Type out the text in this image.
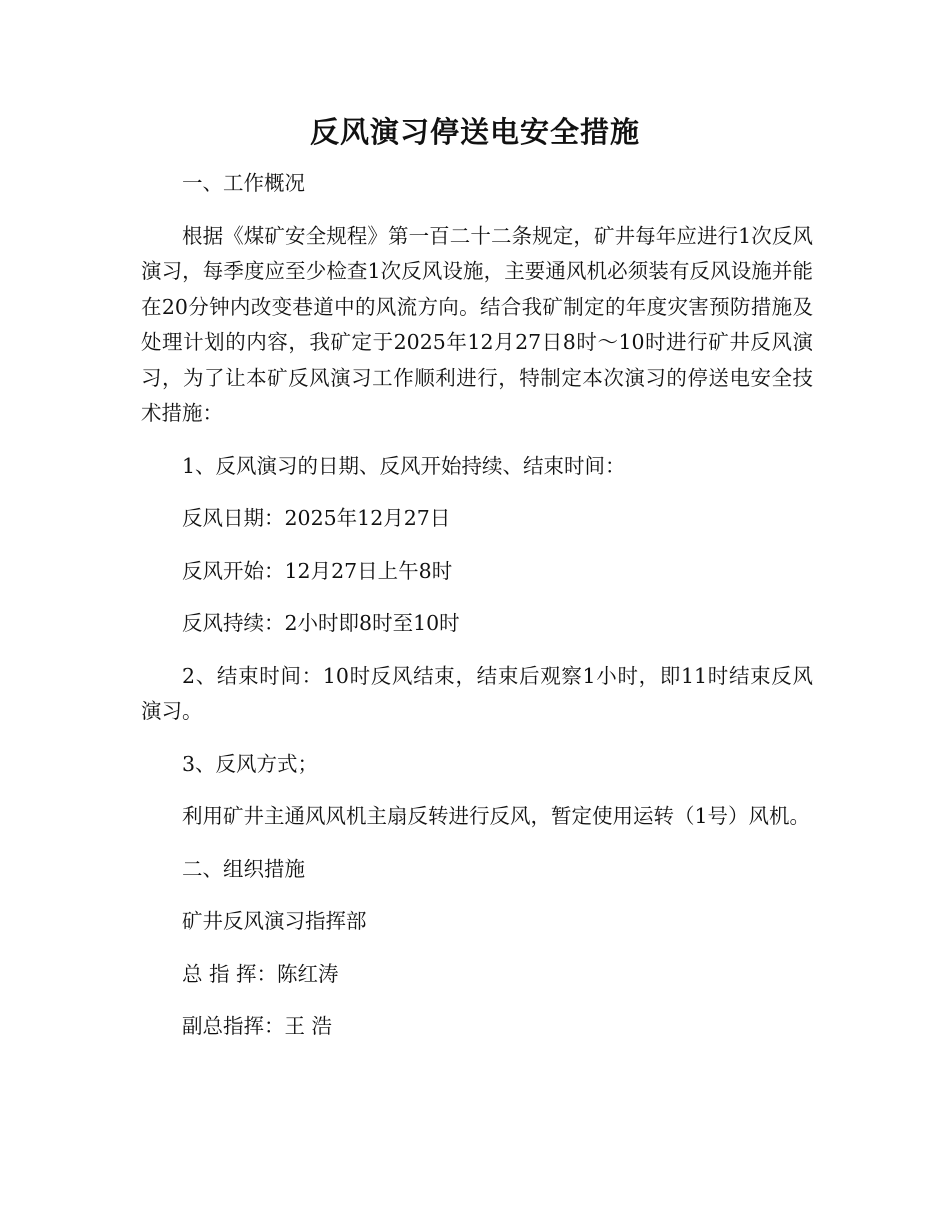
反风演习停送电安全措施

一、工作概况

根据《煤矿安全规程》第一百二十二条规定，矿井每年应进行1次反风演习，每季度应至少检查1次反风设施，主要通风机必须装有反风设施并能在20分钟内改变巷道中的风流方向。结合我矿制定的年度灾害预防措施及处理计划的内容，我矿定于2025年12月27日8时～10时进行矿井反风演习，为了让本矿反风演习工作顺利进行，特制定本次演习的停送电安全技术措施：

1、反风演习的日期、反风开始持续、结束时间：

反风日期：2025年12月27日

反风开始：12月27日上午8时

反风持续：2小时即8时至10时

2、结束时间：10时反风结束，结束后观察1小时，即11时结束反风演习。

3、反风方式；

利用矿井主通风风机主扇反转进行反风，暂定使用运转（1号）风机。

二、组织措施

矿井反风演习指挥部

总 指 挥：陈红涛

副总指挥：王 浩
